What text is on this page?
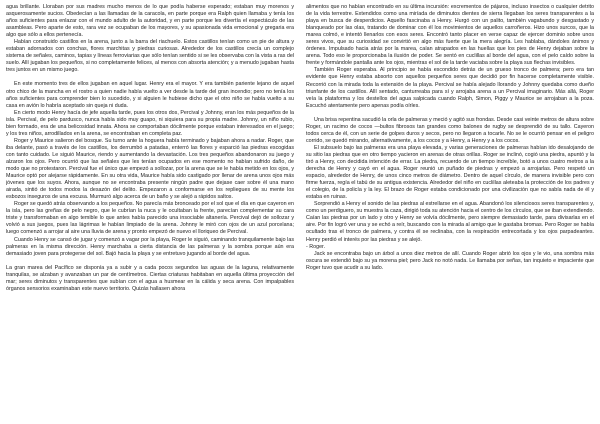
agua brillante. Lloraban por sus madres mucho menos de lo que podía haberse esperado; estaban muy morenos y asquerosamente sucios. Obedecían a las llamadas de la caracola, en parte porque era Ralph quien llamaba y tenía los años suficientes para enlazar con el mundo adulto de la autoridad, y en parte porque les divertía el espectáculo de las asambleas. Pero aparte de esto, rara vez se ocupaban de los mayores, y su apasionada vida emocional y gregaria era algo que sólo a ellos pertenecía.

Habían construido castillos en la arena, junto a la barra del riachuelo. Estos castillos tenían como un pie de altura y estaban adornados con conchas, flores marchitas y piedras curiosas. Alrededor de los castillos crecía un complejo sistema de señales, caminos, tapias y líneas ferroviarias que sólo tenían sentido si se les observaba con la vista a ras del suelo. Allí jugaban los pequeños, si no completamente felices, al menos con absorta atención; y a menudo jugaban hasta tres juntos en un mismo juego.

En este momento tres de ellos jugaban en aquel lugar. Henry era el mayor. Y era también pariente lejano de aquel otro chico de la mancha en el rostro a quien nadie había vuelto a ver desde la tarde del gran incendio; pero no tenía los años suficientes para comprender bien lo sucedido, y si alguien le hubiese dicho que el otro niño se había vuelto a su casa en avión lo habría aceptado sin queja ni duda.

En cierto modo Henry hacía de jefe aquella tarde, pues los otros dos, Percival y Johnny, eran los más pequeños de la isla. Percival, de pelo pardusco, nunca había sido muy guapo, ni siquiera para su propia madre. Johnny, un niño rubio, bien formado, era de una belicosidad innata. Ahora se comportaban dócilmente porque estaban interesados en el juego; y los tres niños, arrodillados en la arena, se encontraban en completa paz.

Roger y Maurice salieron del bosque. Su turno ante la hoguera había terminado y bajaban ahora a nadar. Roger, que iba delante, pasó a través de los castillos, los derrumbó a patadas, enterró las flores y esparció las piedras escogidas con tanto cuidado. Le siguió Maurice, riendo y aumentando la devastación. Los tres pequeños abandonaron su juego y alzaron los ojos. Pero ocurrió que las señales que les tenían ocupados en ese momento no habían sufrido daño, de modo que no protestaron. Percival fue el único que empezó a sollozar, por la arena que se le había metido en los ojos, y Maurice optó por alejarse rápidamente. En su otra vida, Maurice había sido castigado por llenar de arena unos ojos más jóvenes que los suyos. Ahora, aunque no se encontraba presente ningún padre que dejase caer sobre él una mano airada, sintió de todos modos la desazón del delito. Empezaron a conformarse en los repliegues de su mente los esbozos inseguros de una excusa. Murmuró algo acerca de un baño y se alejó a rápidos saltos.

Roger se quedó atrás observando a los pequeños. No parecía más bronceado por el sol que el día en que cayeron en la isla, pero las greñas de pelo negro, que le cubrían la nuca y le ocultaban la frente, parecían complementar su cara triste y transformaban en algo temible lo que antes había parecido una insociable altanería. Percival dejó de sollozar y volvió a sus juegos, pues las lágrimas le habían limpiado de la arena. Johnny le miró con ojos de un azul porcelana; luego comenzó a arrojar al aire una lluvia de arena y pronto empezó de nuevo el lloriqueo de Percival.

Cuando Henry se cansó de jugar y comenzó a vagar por la playa, Roger le siguió, caminando tranquilamente bajo las palmeras en la misma dirección. Henry marchaba a cierta distancia de las palmeras y la sombra porque aún era demasiado joven para protegerse del sol. Bajó hacia la playa y se entretuvo jugando al borde del agua.

La gran marea del Pacífico se disponía ya a subir y a cada pocos segundos las aguas de la laguna, relativamente tranquilas, se alzaban y avanzaban un par de centímetros. Ciertas criaturas habitaban en aquella última proyección del mar; seres diminutos y transparentes que subían con el agua a husmear en la cálida y seca arena. Con impalpables órganos sensorios examinaban este nuevo territorio. Quizás hallasen ahora

alimentos que no habían encontrado en su última incursión: excrementos de pájaros, incluso insectos o cualquier detrito de la vida terrestre. Extendidos como una miríada de diminutos dientes de sierra llegaban los seres transparentes a la playa en busca de desperdicios. Aquello fascinaba a Henry. Hurgó con un palito, también vagabundo y desgastado y blanqueado por las olas, tratando de dominar con él los movimientos de aquellos carroñeros. Hizo unos surcos, que la marea colmó, e intentó llenarlos con esos seres. Encontró tanto placer en verse capaz de ejercer dominio sobre unos seres vivos, que su curiosidad se convirtió en algo más fuerte que la mera alegría. Les hablaba, dándoles ánimos y órdenes. Impulsado hacia atrás por la marea, caían atrapados en las huellas que los pies de Henry dejaban sobre la arena. Todo eso le proporcionaba la ilusión de poder. Se sentó en cuclillas al borde del agua, con el pelo caído sobre la frente y formándole pantalla ante los ojos, mientras el sol de la tarde vaciaba sobre la playa sus flechas invisibles.

También Roger esperaba. Al principio se había escondido detrás de un grueso tronco de palmera; pero era tan evidente que Henry estaba absorto con aquellos pequeños seres que decidió por fin hacerse completamente visible. Recorrió con la mirada toda la extensión de la playa. Percival se había alejado llorando y Johnny quedaba como dueño triunfante de los castillos. Allí sentado, canturreaba para sí y arrojaba arena a un Percival imaginario. Más allá, Roger veía la plataforma y los destellos del agua salpicada cuando Ralph, Simon, Piggy y Maurice se arrojaban a la poza. Escuchó atentamente pero apenas podía oírles.

Una brisa repentina sacudió la orla de palmeras y meció y agitó sus frondas. Desde casi veinte metros de altura sobre Roger, un racimo de cocos —bultos fibrosos tan grandes como balones de rugby se desprendió de su tallo. Cayeron todos cerca de él, con un serie de golpes duros y secos, pero no llegaron a tocarle. No se le ocurrió pensar en el peligro corrido, se quedó mirando, alternativamente, a los cocos y a Henry, a Henry y a los cocos.

El subsuelo bajo las palmeras era una playa elevada, y varias generaciones de palmeras habían ido desalojando de su sitio las piedras que en otro tiempo yacieron en arenas de otras orillas. Roger se inclinó, cogió una piedra, apuntó y la tiró a Henry, con decidida intención de errar. La piedra, recuerdo de un tiempo increíble, botó a unos cuatro metros a la derecha de Henry y cayó en el agua. Roger reunió un puñado de piedras y empezó a arrojarlas. Pero respetó un espacio, alrededor de Henry, de unos cinco metros de diámetro. Dentro de aquel círculo, de manera invisible pero con firme fuerza, regía el tabú de su antigua existencia. Alrededor del niño en cuclillas aleteaba la protección de los padres y el colegio, de la policía y la ley. El brazo de Roger estaba condicionado por una civilización que no sabía nada de él y estaba en ruinas.

Sorprendió a Henry el sonido de las piedras al estrellarse en el agua. Abandonó los silenciosos seres transparentes y, como un perdiguero, su muestra la caza, dirigió toda su atención hacia el centro de los círculos, que se iban extendiendo. Caían las piedras por un lado y otro y Henry se volvía dócilmente, pero siempre demasiado tarde, para divisarlas en el aire. Por fin logró ver una y se echó a reír, buscando con la mirada al amigo que le gastaba bromas. Pero Roger se había ocultado tras el tronco de palmera, y contra él se reclinaba, con la respiración entrecortada y los ojos parpadeantes. Henry perdió el interés por las piedras y se alejó.

- Roger.

Jack se encontraba bajo un árbol a unos diez metros de allí. Cuando Roger abrió los ojos y le vio, una sombra más oscura se extendió bajo su ya morena piel; pero Jack no notó nada. Le llamaba por señas, tan inquieto e impaciente que Roger tuvo que acudir a su lado.
